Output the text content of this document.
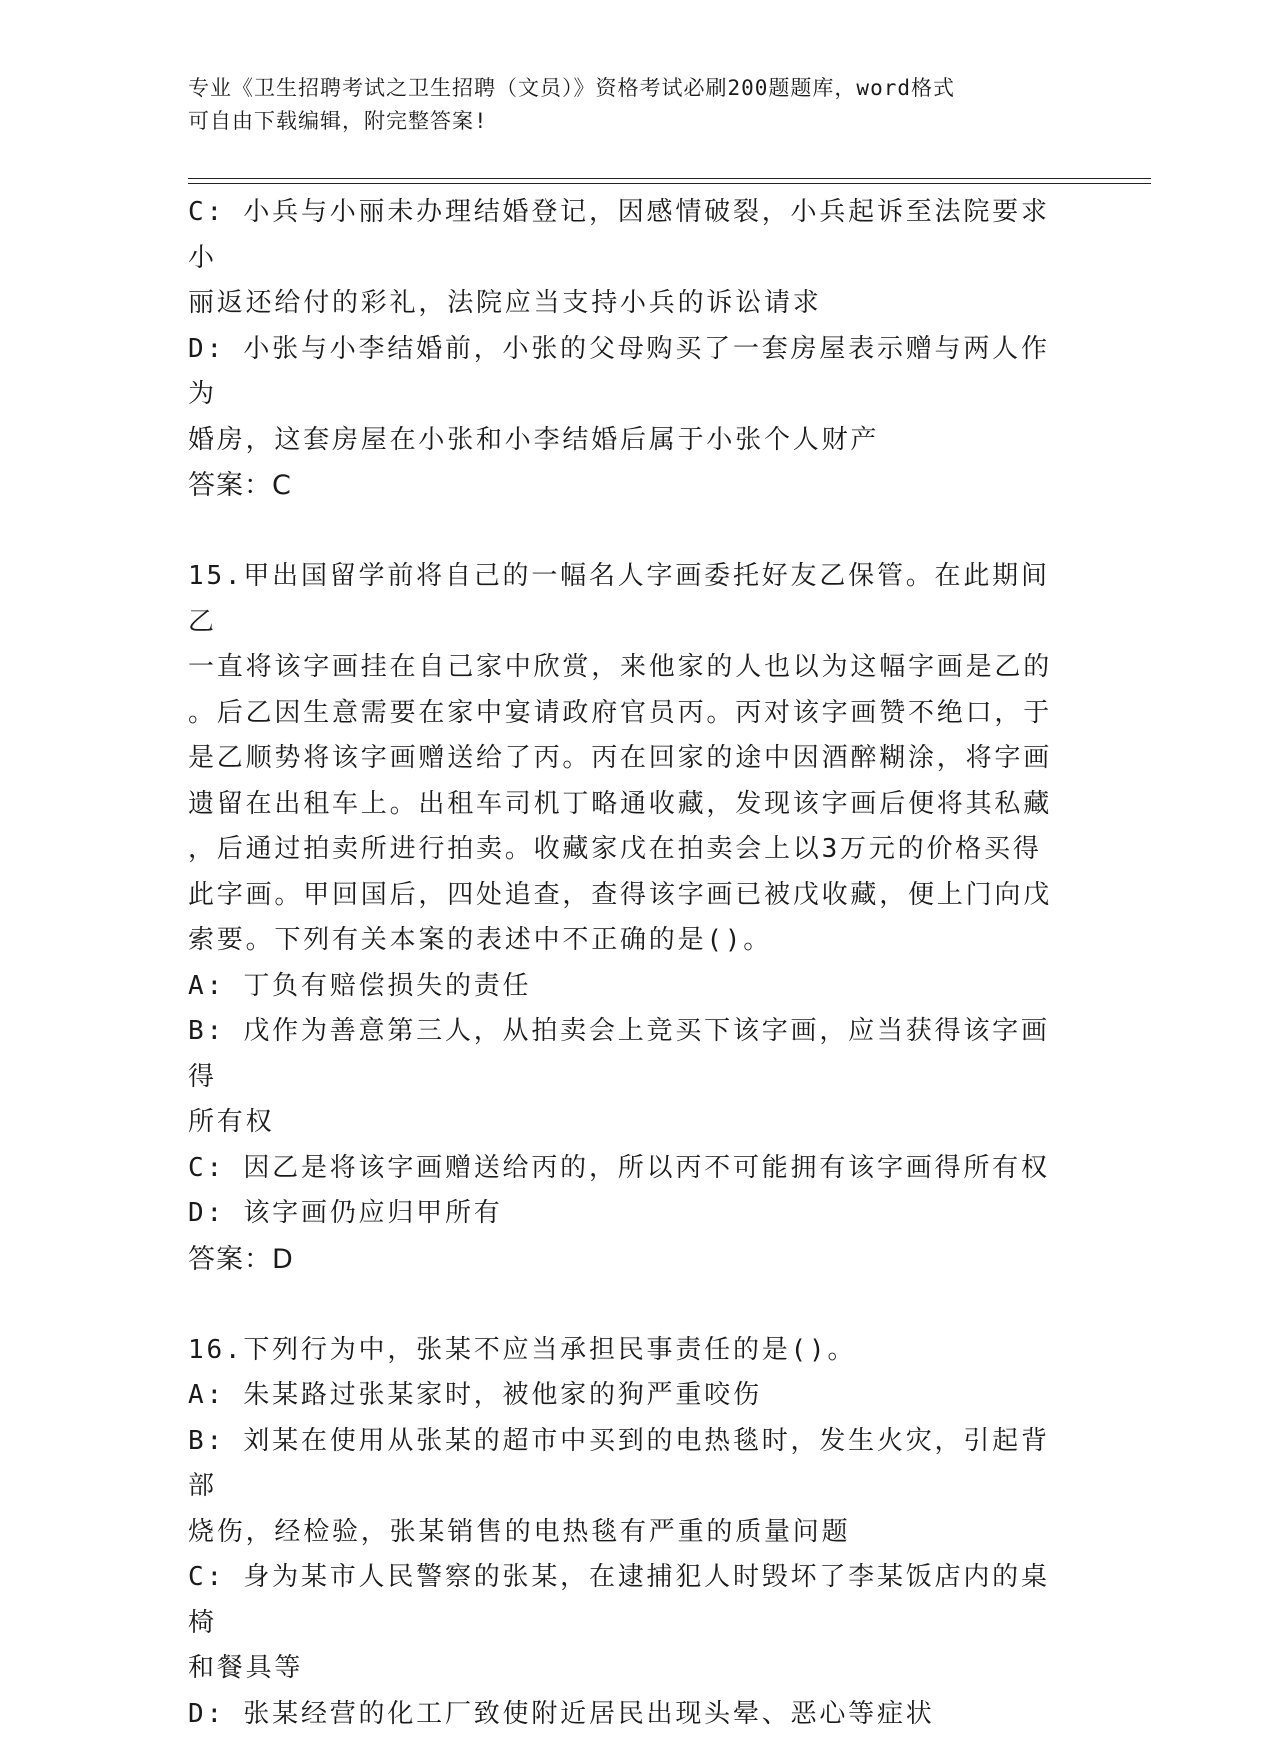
专业《卫生招聘考试之卫生招聘（文员）》资格考试必刷200题题库，word格式
可自由下载编辑，附完整答案!

C: 小兵与小丽未办理结婚登记，因感情破裂，小兵起诉至法院要求小

丽返还给付的彩礼，法院应当支持小兵的诉讼请求

D: 小张与小李结婚前，小张的父母购买了一套房屋表示赠与两人作为

婚房，这套房屋在小张和小李结婚后属于小张个人财产

答案：C

15.甲出国留学前将自己的一幅名人字画委托好友乙保管。在此期间乙

一直将该字画挂在自己家中欣赏，来他家的人也以为这幅字画是乙的

。后乙因生意需要在家中宴请政府官员丙。丙对该字画赞不绝口，于

是乙顺势将该字画赠送给了丙。丙在回家的途中因酒醉糊涂，将字画

遗留在出租车上。出租车司机丁略通收藏，发现该字画后便将其私藏

，后通过拍卖所进行拍卖。收藏家戊在拍卖会上以3万元的价格买得

此字画。甲回国后，四处追查，查得该字画已被戊收藏，便上门向戊

索要。下列有关本案的表述中不正确的是()。

A: 丁负有赔偿损失的责任

B: 戊作为善意第三人，从拍卖会上竞买下该字画，应当获得该字画得

所有权

C: 因乙是将该字画赠送给丙的，所以丙不可能拥有该字画得所有权

D: 该字画仍应归甲所有

答案：D

16.下列行为中，张某不应当承担民事责任的是()。

A: 朱某路过张某家时，被他家的狗严重咬伤

B: 刘某在使用从张某的超市中买到的电热毯时，发生火灾，引起背部

烧伤，经检验，张某销售的电热毯有严重的质量问题

C: 身为某市人民警察的张某，在逮捕犯人时毁坏了李某饭店内的桌椅

和餐具等

D: 张某经营的化工厂致使附近居民出现头晕、恶心等症状
